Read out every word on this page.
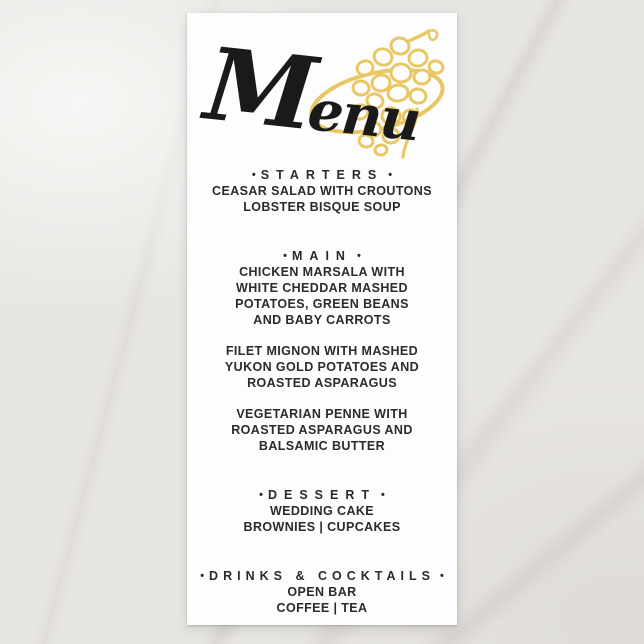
Menu
• STARTERS •
CEASAR SALAD WITH CROUTONS
LOBSTER BISQUE SOUP
• MAIN •
CHICKEN MARSALA WITH
WHITE CHEDDAR MASHED
POTATOES, GREEN BEANS
AND BABY CARROTS
FILET MIGNON WITH MASHED
YUKON GOLD POTATOES AND
ROASTED ASPARAGUS
VEGETARIAN PENNE WITH
ROASTED ASPARAGUS AND
BALSAMIC BUTTER
• DESSERT •
WEDDING CAKE
BROWNIES | CUPCAKES
• DRINKS & COCKTAILS •
OPEN BAR
COFFEE | TEA
